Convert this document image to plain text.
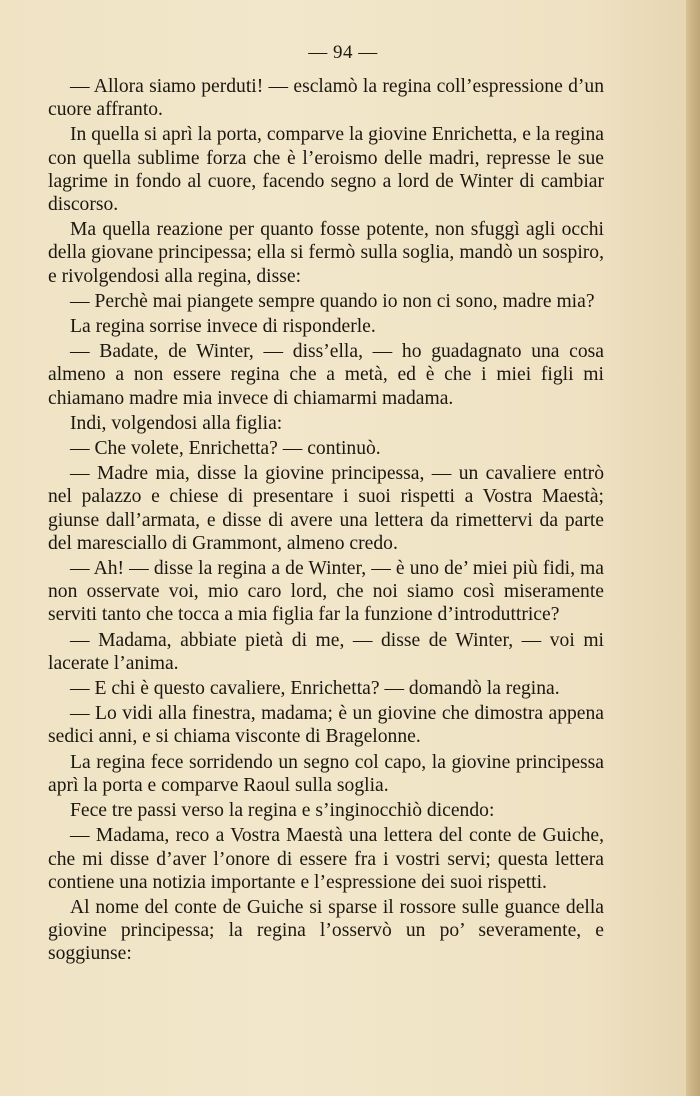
— 94 —

— Allora siamo perduti! — esclamò la regina coll’espressione d’un cuore affranto.

In quella si aprì la porta, comparve la giovine Enrichetta, e la regina con quella sublime forza che è l’eroismo delle madri, represse le sue lagrime in fondo al cuore, facendo segno a lord de Winter di cambiar discorso.

Ma quella reazione per quanto fosse potente, non sfuggì agli occhi della giovane principessa; ella si fermò sulla soglia, mandò un sospiro, e rivolgendosi alla regina, disse:

— Perchè mai piangete sempre quando io non ci sono, madre mia?

La regina sorrise invece di risponderle.

— Badate, de Winter, — diss’ella, — ho guadagnato una cosa almeno a non essere regina che a metà, ed è che i miei figli mi chiamano madre mia invece di chiamarmi madama.

Indi, volgendosi alla figlia:

— Che volete, Enrichetta? — continuò.

— Madre mia, disse la giovine principessa, — un cavaliere entrò nel palazzo e chiese di presentare i suoi rispetti a Vostra Maestà; giunse dall’armata, e disse di avere una lettera da rimettervi da parte del maresciallo di Grammont, almeno credo.

— Ah! — disse la regina a de Winter, — è uno de’ miei più fidi, ma non osservate voi, mio caro lord, che noi siamo così miseramente serviti tanto che tocca a mia figlia far la funzione d’introduttrice?

— Madama, abbiate pietà di me, — disse de Winter, — voi mi lacerate l’anima.

— E chi è questo cavaliere, Enrichetta? — domandò la regina.

— Lo vidi alla finestra, madama; è un giovine che dimostra appena sedici anni, e si chiama visconte di Bragelonne.

La regina fece sorridendo un segno col capo, la giovine principessa aprì la porta e comparve Raoul sulla soglia.

Fece tre passi verso la regina e s’inginocchiò dicendo:

— Madama, reco a Vostra Maestà una lettera del conte de Guiche, che mi disse d’aver l’onore di essere fra i vostri servi; questa lettera contiene una notizia importante e l’espressione dei suoi rispetti.

Al nome del conte de Guiche si sparse il rossore sulle guance della giovine principessa; la regina l’osservò un po’ severamente, e soggiunse:
